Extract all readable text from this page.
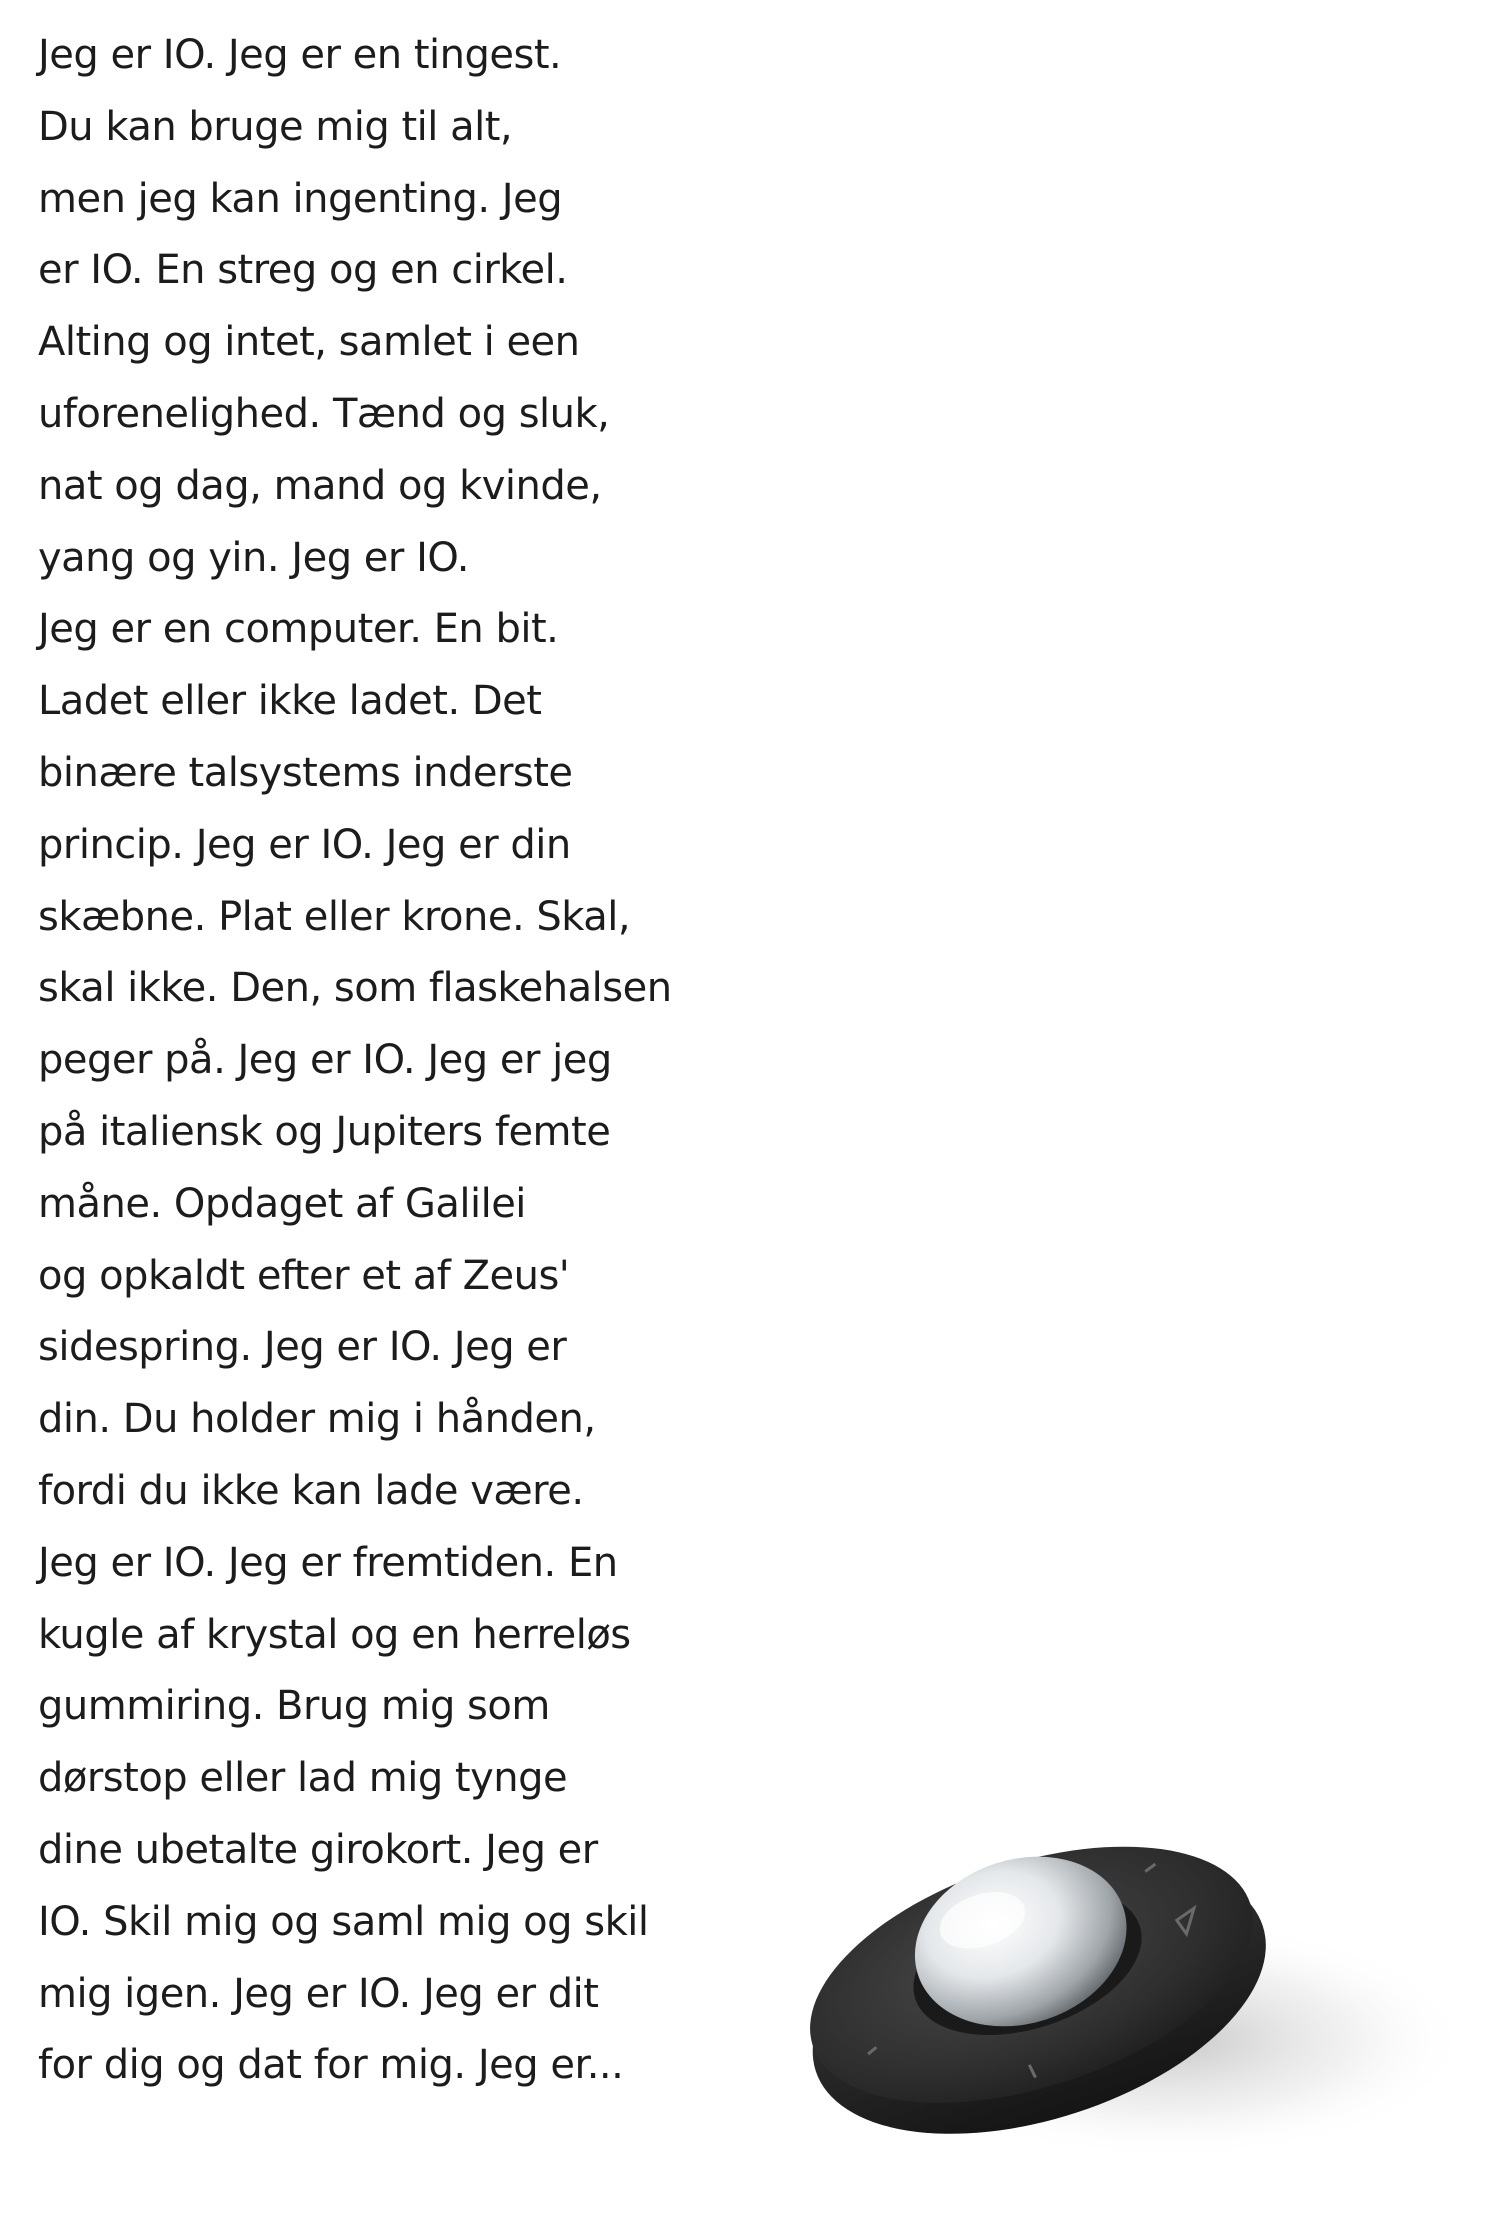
Jeg er IO. Jeg er en tingest.
Du kan bruge mig til alt,
men jeg kan ingenting. Jeg
er IO. En streg og en cirkel.
Alting og intet, samlet i een
uforenelighed. Tænd og sluk,
nat og dag, mand og kvinde,
yang og yin. Jeg er IO.
Jeg er en computer. En bit.
Ladet eller ikke ladet. Det
binære talsystems inderste
princip. Jeg er IO. Jeg er din
skæbne. Plat eller krone. Skal,
skal ikke. Den, som flaskehalsen
peger på. Jeg er IO. Jeg er jeg
på italiensk og Jupiters femte
måne. Opdaget af Galilei
og opkaldt efter et af Zeus'
sidespring. Jeg er IO. Jeg er
din. Du holder mig i hånden,
fordi du ikke kan lade være.
Jeg er IO. Jeg er fremtiden. En
kugle af krystal og en herreløs
gummiring. Brug mig som
dørstop eller lad mig tynge
dine ubetalte girokort. Jeg er
IO. Skil mig og saml mig og skil
mig igen. Jeg er IO. Jeg er dit
for dig og dat for mig. Jeg er...
